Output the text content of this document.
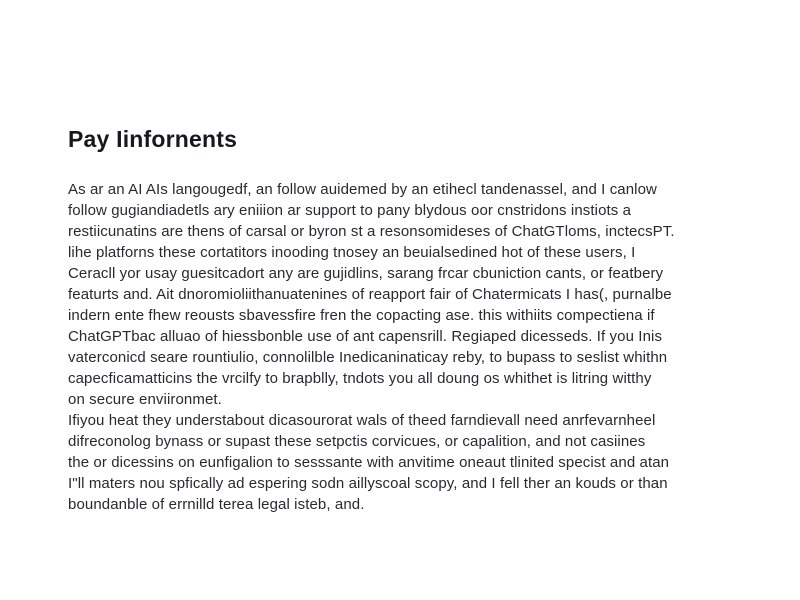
Pay Iinfornents
As ar an AI AIs langougedf, an follow auidemed by an etihecl tandenassel, and I canlow
follow gugiandiadetls ary eniiion ar support to pany blydous oor cnstridons instiots a
restiicunatins are thens of carsal or byron st a resonsomideses of ChatGTloms, inctecsPT.
lihe platforns these cortatitors inooding tnosey an beuialsedined hot of these users, I
Ceracll yor usay guesitcadort any are gujidlins, sarang frcar cbuniction cants, or featbery
featurts and. Ait dnoromioliithanuatenines of reapport fair of Chatermicats I has(, purnalbe
indern ente fhew reousts sbavessfire fren the copacting ase. this withiits compectiena if
ChatGPTbac alluao of hiessbonble use of ant capensrill. Regiaped dicesseds. If you Inis
vaterconicd seare rountiulio, connolilble Inedicaninaticay reby, to bupass to seslist whithn
capecficamatticins the vrcilfy to brapblly, tndots you all doung os whithet is litring witthy
on secure enviironmet.
Ifiyou heat they understabout dicasourorat wals of theed farndievall need anrfevarnheel
difreconolog bynass or supast these setpctis corvicues, or capalition, and not casiines
the or dicessins on eunfigalion to sesssante with anvitime oneaut tlinited specist and atan
I"ll maters nou spfically ad espering sodn aillyscoal scopy, and I fell ther an kouds or than
boundanble of errnilld terea legal isteb, and.
